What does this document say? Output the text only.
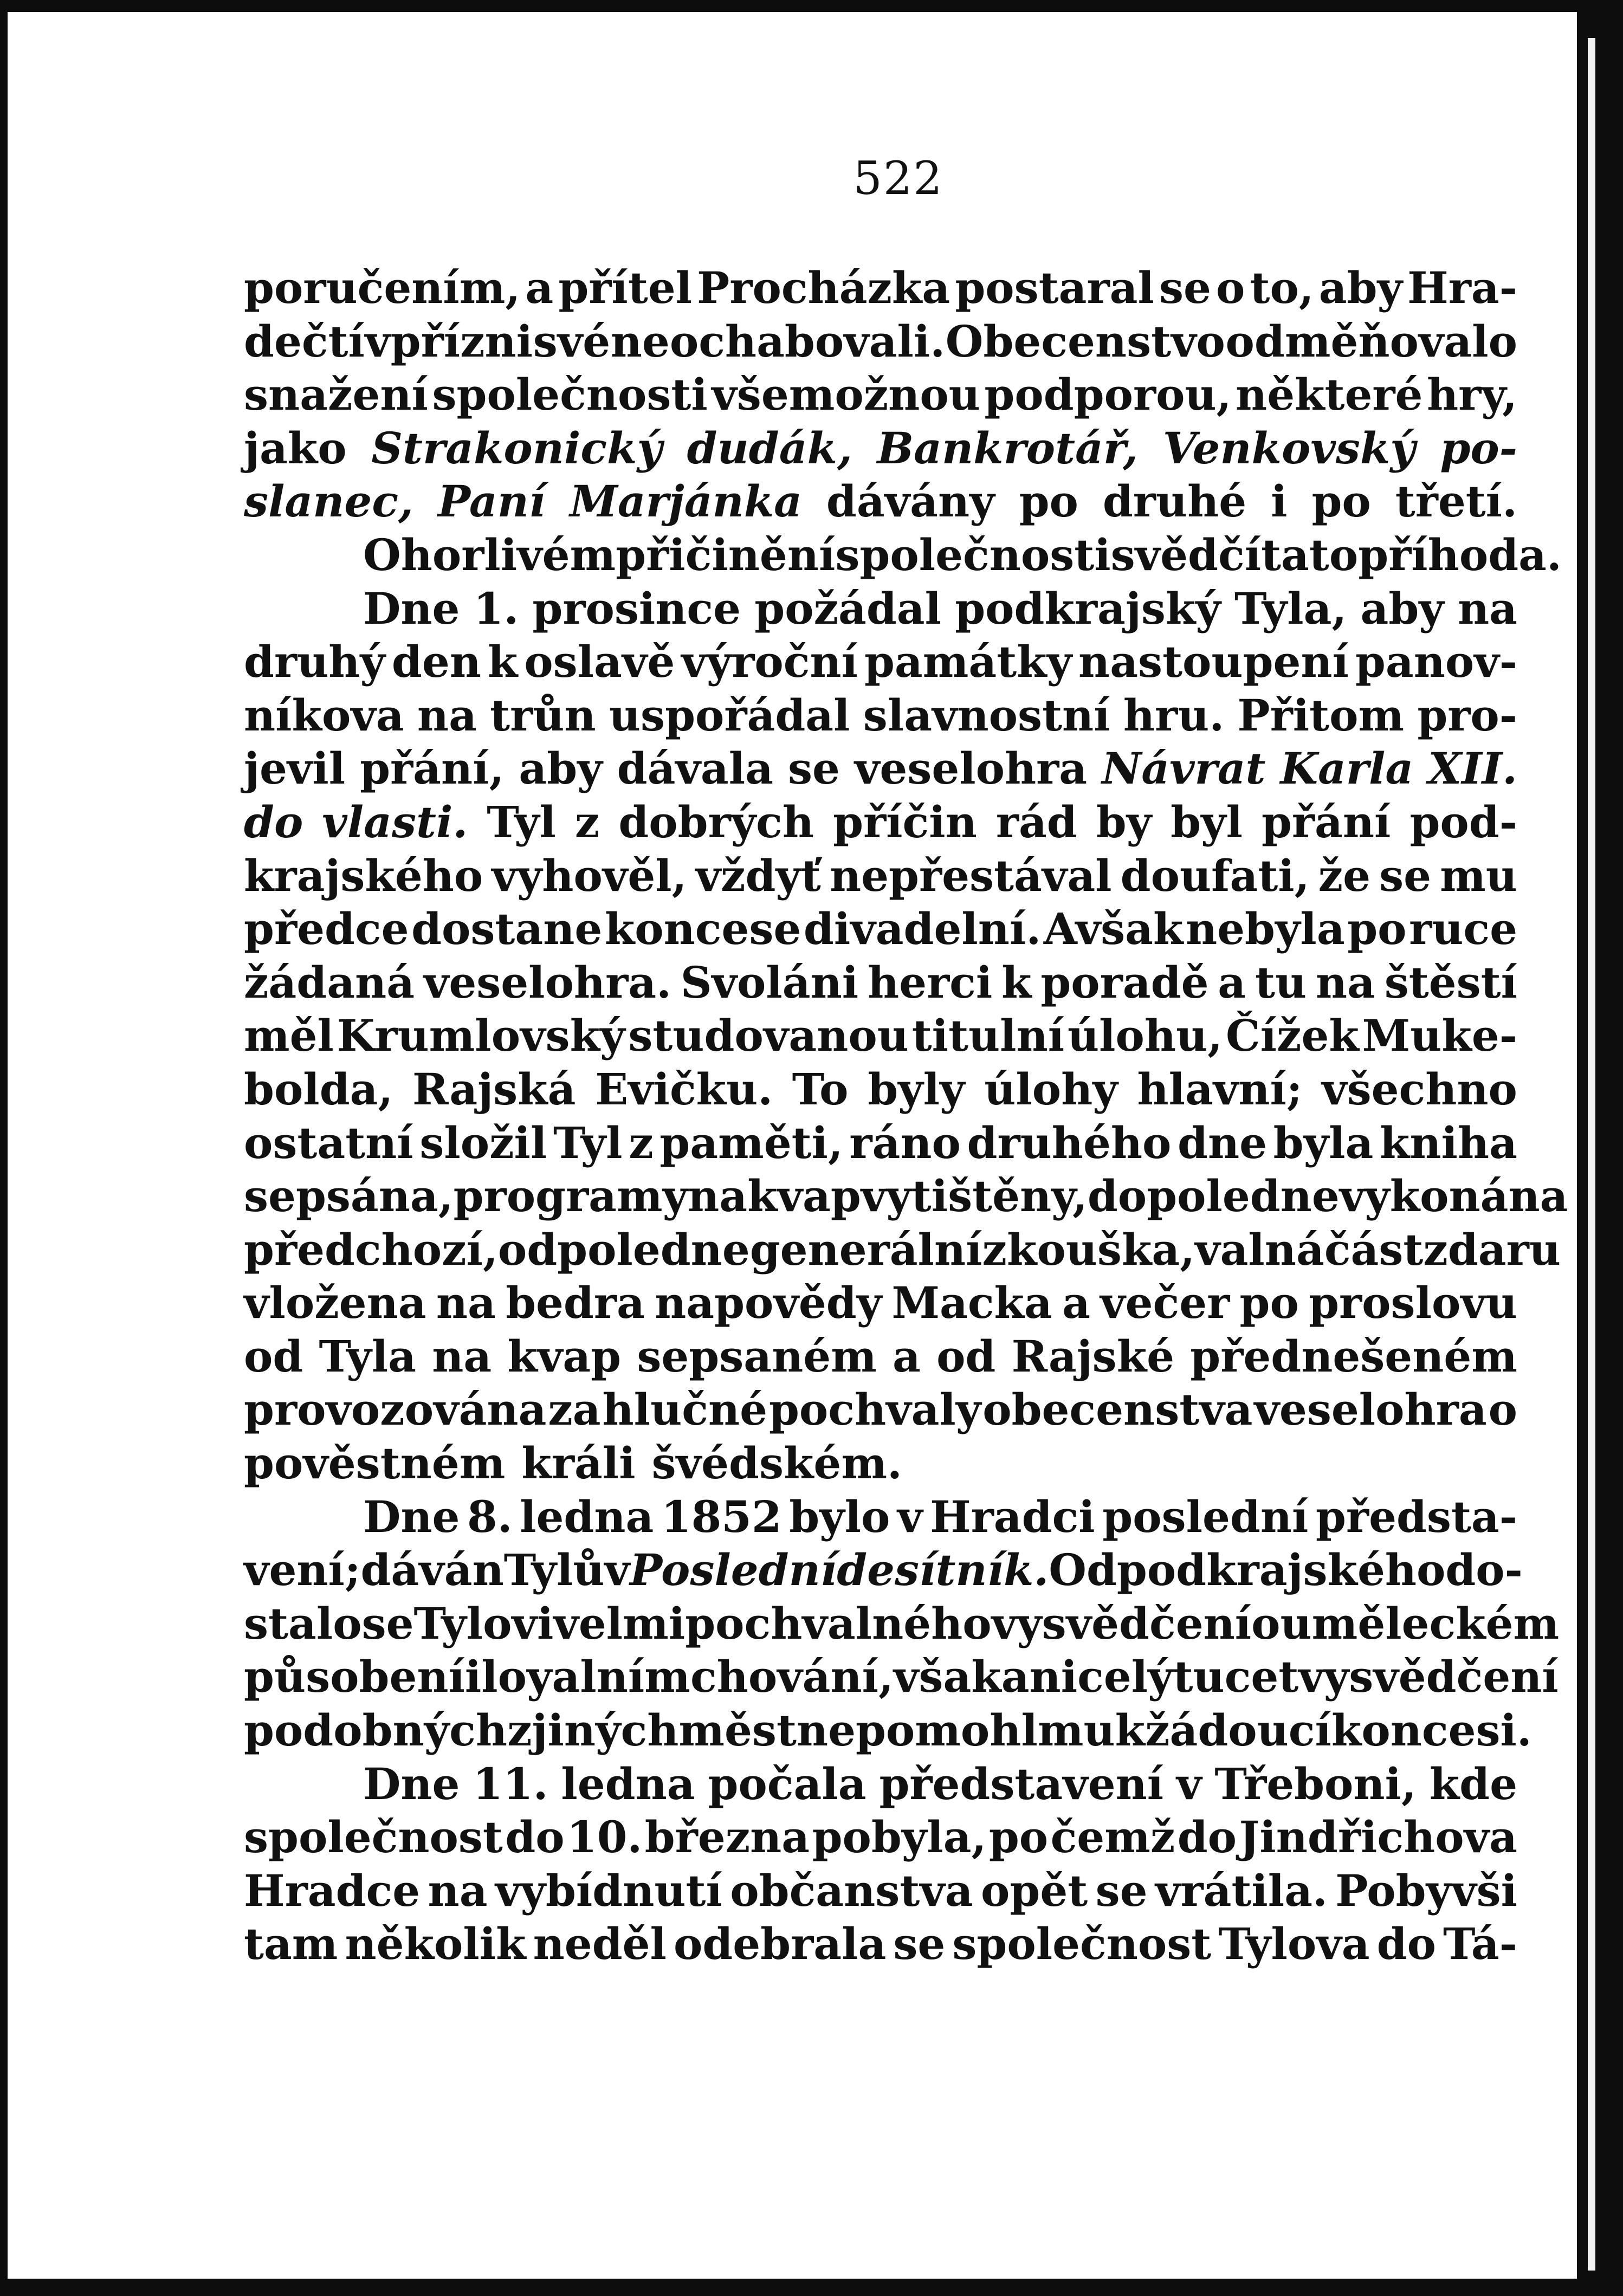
522
poručením, a přítel Procházka postaral se o to, aby Hra-
dečtí v přízni své neochabovali. Obecenstvo odměňovalo
snažení společnosti všemožnou podporou, některé hry,
jako Strakonický dudák, Bankrotář, Venkovský po-
slanec, Paní Marjánka dávány po druhé i po třetí.
O horlivém přičinění společnosti svědčí tato příhoda.
Dne 1. prosince požádal podkrajský Tyla, aby na
druhý den k oslavě výroční památky nastoupení panov-
níkova na trůn uspořádal slavnostní hru. Přitom pro-
jevil přání, aby dávala se veselohra Návrat Karla XII.
do vlasti. Tyl z dobrých příčin rád by byl přání pod-
krajského vyhověl, vždyť nepřestával doufati, že se mu
předce dostane koncese divadelní. Avšak nebyla po ruce
žádaná veselohra. Svoláni herci k poradě a tu na štěstí
měl Krumlovský studovanou titulní úlohu, Čížek Muke-
bolda, Rajská Evičku. To byly úlohy hlavní; všechno
ostatní složil Tyl z paměti, ráno druhého dne byla kniha
sepsána, programy na kvap vytištěny, dopoledne vykonána
předchozí, odpoledne generální zkouška, valná část zdaru
vložena na bedra napovědy Macka a večer po proslovu
od Tyla na kvap sepsaném a od Rajské přednešeném
provozována za hlučné pochvaly obecenstva veselohra o
pověstném králi švédském.
Dne 8. ledna 1852 bylo v Hradci poslední předsta-
vení; dáván Tylův Poslední desítník. Od podkrajského do-
stalo se Tylovi velmi pochvalného vysvědčení o uměleckém
působení i loyalním chování, však ani celý tucet vysvědčení
podobných z jiných měst nepomohl mu k žádoucí koncesi.
Dne 11. ledna počala představení v Třeboni, kde
společnost do 10. března pobyla, po čemž do Jindřichova
Hradce na vybídnutí občanstva opět se vrátila. Pobyvši
tam několik neděl odebrala se společnost Tylova do Tá-
